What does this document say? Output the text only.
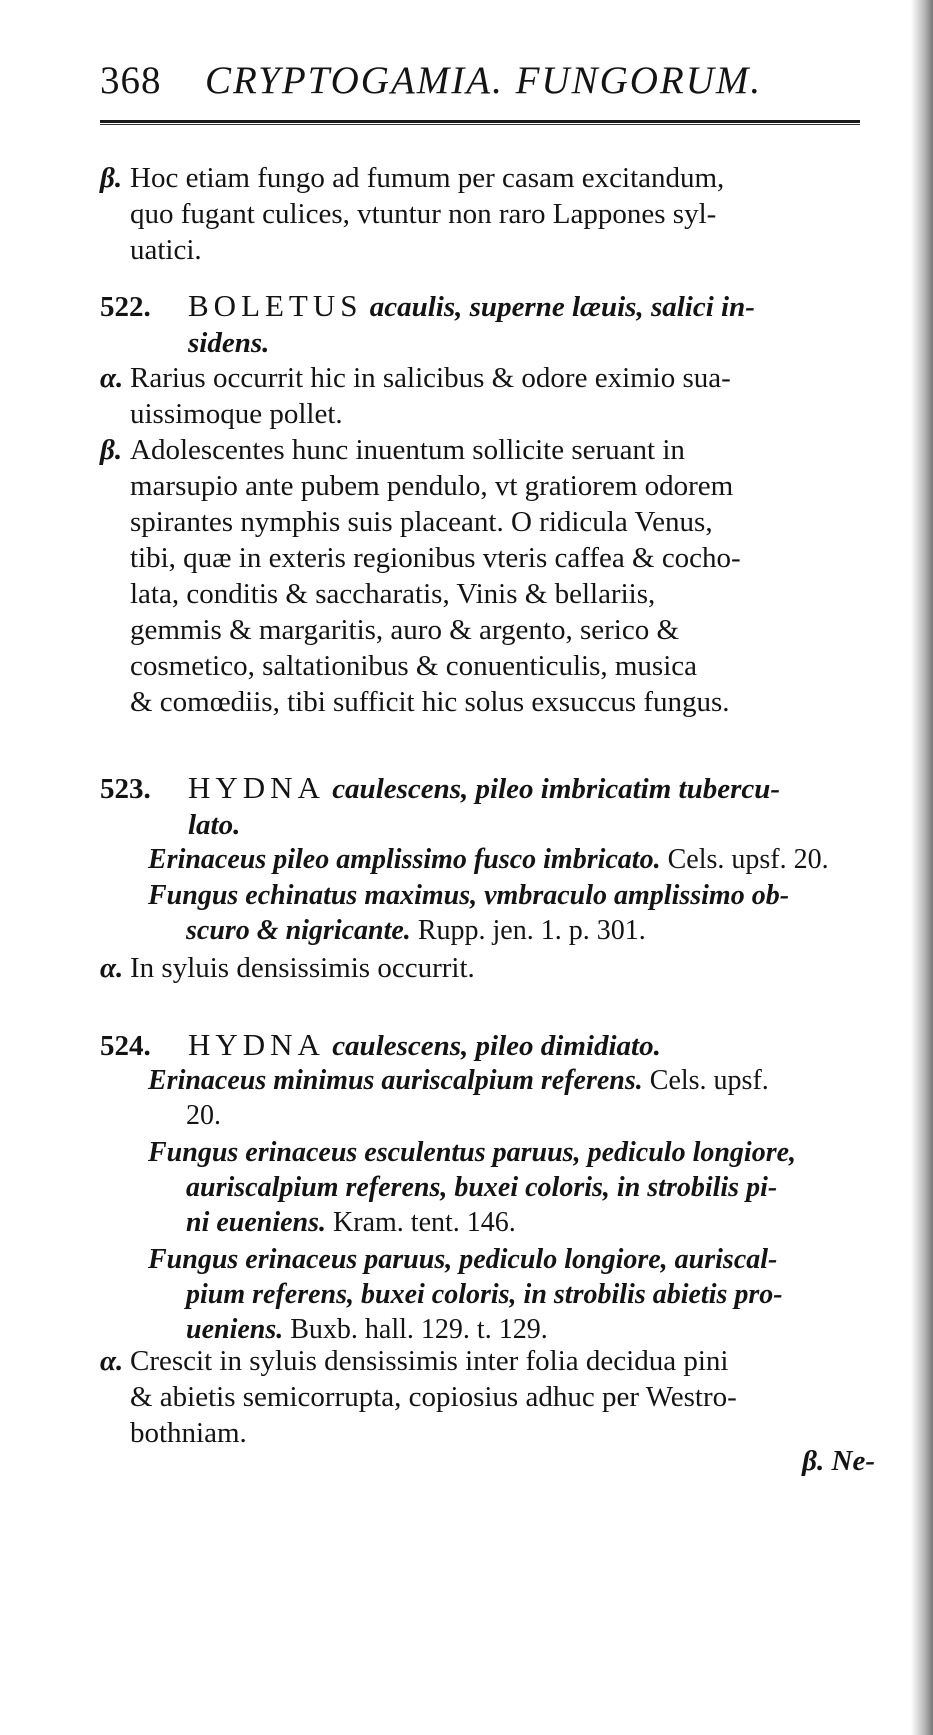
368 CRYPTOGAMIA. FUNGORUM.
β. Hoc etiam fungo ad fumum per casam excitandum,
quo fugant culices, vtuntur non raro Lappones syl-
uatici.
522. BOLETUS acaulis, superne læuis, salici in-
sidens.
α. Rarius occurrit hic in salicibus & odore eximio sua-
uissimoque pollet.
β. Adolescentes hunc inuentum sollicite seruant in
marsupio ante pubem pendulo, vt gratiorem odorem
spirantes nymphis suis placeant. O ridicula Venus,
tibi, quæ in exteris regionibus vteris caffea & cocho-
lata, conditis & saccharatis, Vinis & bellariis,
gemmis & margaritis, auro & argento, serico &
cosmetico, saltationibus & conuenticulis, musica
& comœdiis, tibi sufficit hic solus exsuccus fungus.
523. HYDNA caulescens, pileo imbricatim tubercu-
lato.
Erinaceus pileo amplissimo fusco imbricato. Cels. upsf. 20.
Fungus echinatus maximus, vmbraculo amplissimo ob-
scuro & nigricante. Rupp. jen. 1. p. 301.
α. In syluis densissimis occurrit.
524. HYDNA caulescens, pileo dimidiato.
Erinaceus minimus auriscalpium referens. Cels. upsf.
20.
Fungus erinaceus esculentus paruus, pediculo longiore,
auriscalpium referens, buxei coloris, in strobilis pi-
ni eueniens. Kram. tent. 146.
Fungus erinaceus paruus, pediculo longiore, auriscal-
pium referens, buxei coloris, in strobilis abietis pro-
ueniens. Buxb. hall. 129. t. 129.
α. Crescit in syluis densissimis inter folia decidua pini
& abietis semicorrupta, copiosius adhuc per Westro-
bothniam.
β. Ne-
